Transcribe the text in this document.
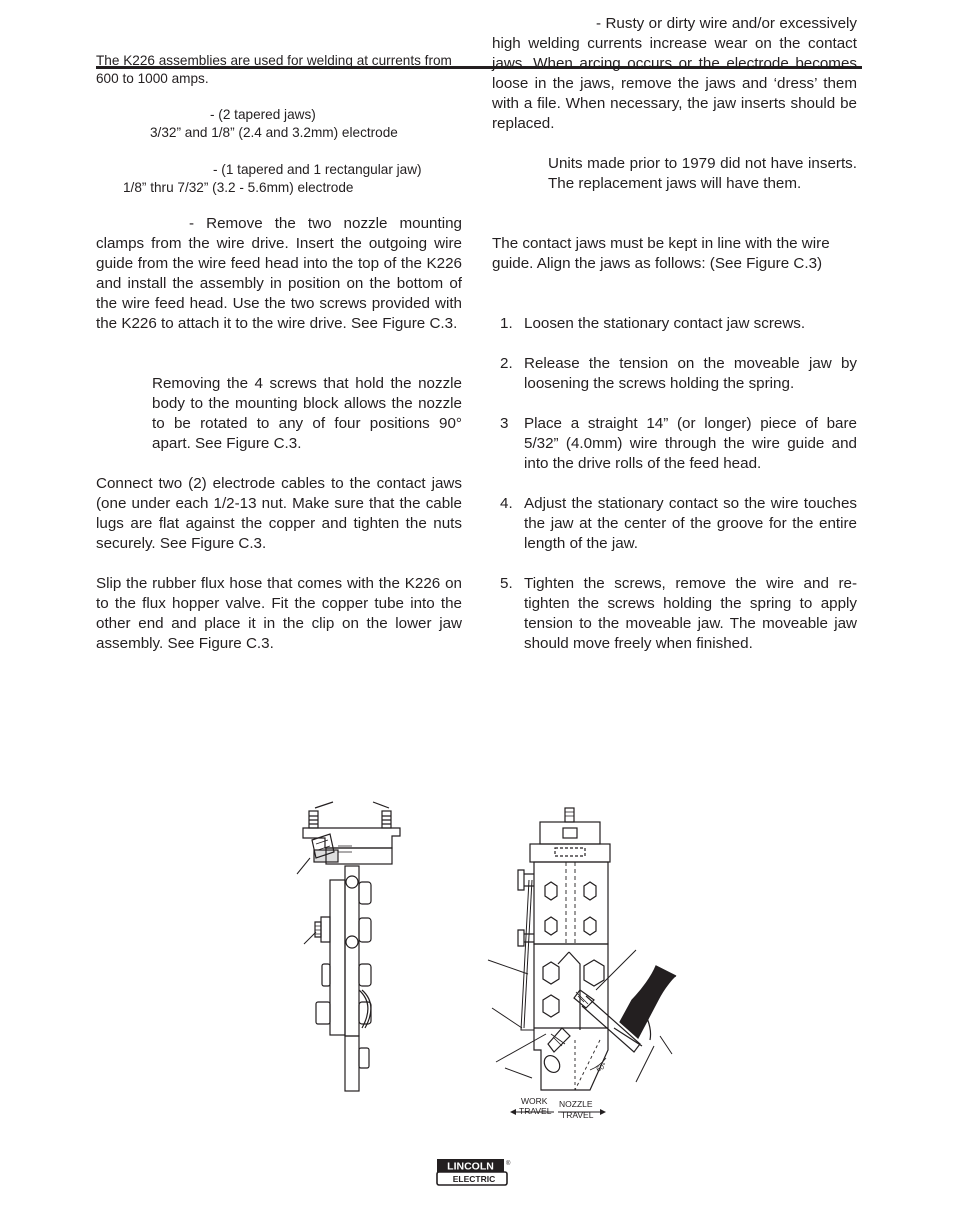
The K226 assemblies are used for welding at currents from 600 to 1000 amps.
- (2 tapered jaws)
3/32” and 1/8” (2.4 and 3.2mm) electrode
- (1 tapered and 1 rectangular jaw)
1/8” thru 7/32” (3.2 - 5.6mm) electrode
- Remove the two nozzle mounting clamps from the wire drive. Insert the outgoing wire guide from the wire feed head into the top of the K226 and install the assembly in position on the bottom of the wire feed head. Use the two screws provided with the K226 to attach it to the wire drive. See Figure C.3.
Removing the 4 screws that hold the nozzle body to the mounting block allows the nozzle to be rotated to any of four positions 90° apart. See Figure C.3.
Connect two (2) electrode cables to the contact jaws (one under each 1/2-13 nut. Make sure that the cable lugs are flat against the copper and tighten the nuts securely. See Figure C.3.
Slip the rubber flux hose that comes with the K226 on to the flux hopper valve. Fit the copper tube into the other end and place it in the clip on the lower jaw assembly. See Figure C.3.
- Rusty or dirty wire and/or excessively high welding currents increase wear on the contact jaws. When arcing occurs or the electrode becomes loose in the jaws, remove the jaws and ‘dress’ them with a file. When necessary, the jaw inserts should be replaced.
Units made prior to 1979 did not have inserts. The replacement jaws will have them.
The contact jaws must be kept in line with the wire guide. Align the jaws as follows: (See Figure C.3)
1. Loosen the stationary contact jaw screws.
2. Release the tension on the moveable jaw by loosening the screws holding the spring.
3 Place a straight 14” (or longer) piece of bare 5/32” (4.0mm) wire through the wire guide and into the drive rolls of the feed head.
4. Adjust the stationary contact so the wire touches the jaw at the center of the groove for the entire length of the jaw.
5. Tighten the screws, remove the wire and re-tighten the screws holding the spring to apply tension to the moveable jaw. The moveable jaw should move freely when finished.
60°
WORK
TRAVEL
NOZZLE
TRAVEL
LINCOLN ®
ELECTRIC
